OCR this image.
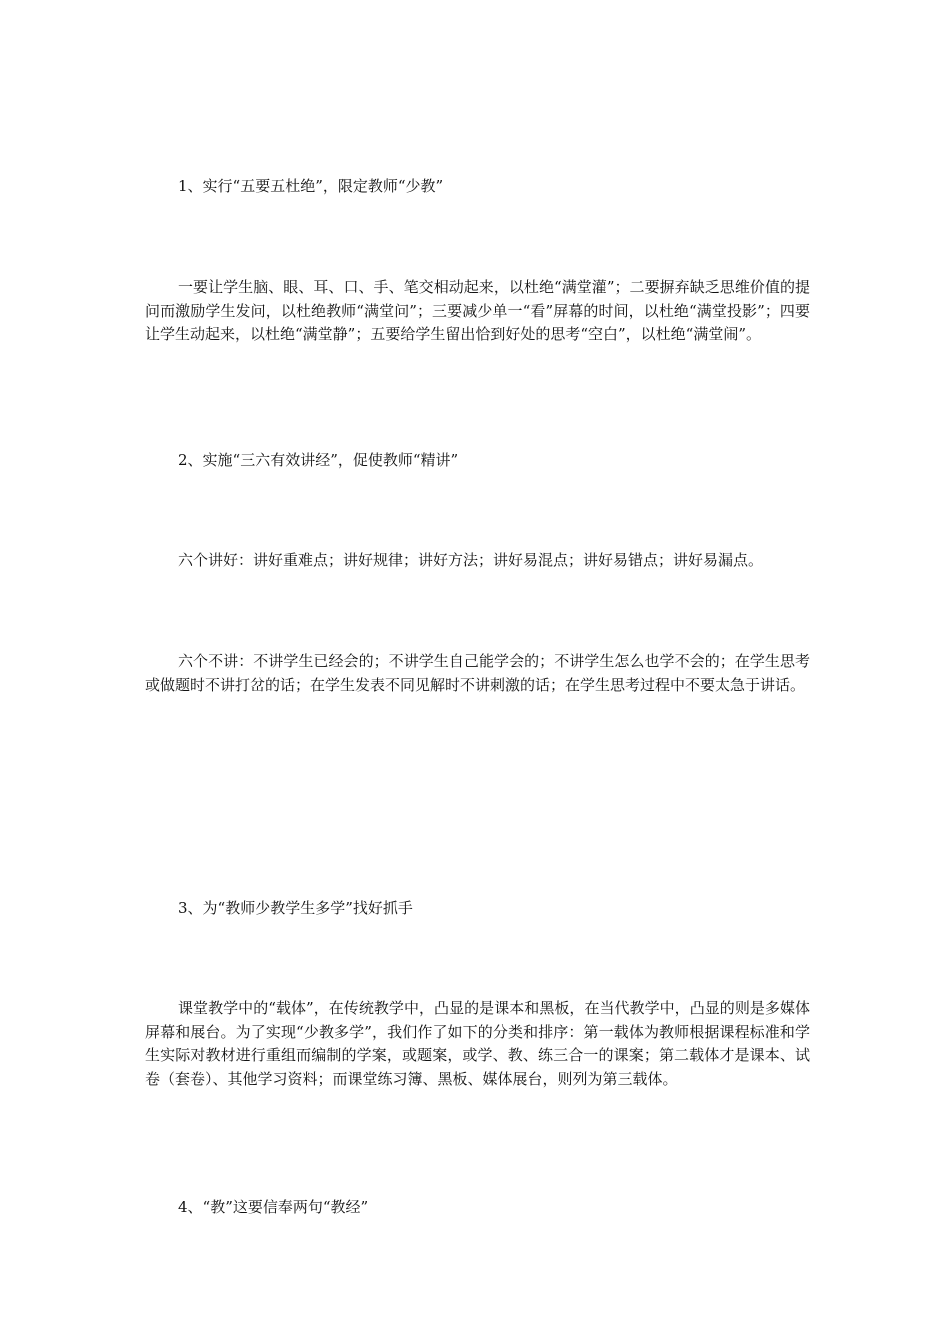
1、实行“五要五杜绝”，限定教师“少教”

一要让学生脑、眼、耳、口、手、笔交相动起来，以杜绝“满堂灌”；二要摒弃缺乏思维价值的提问而激励学生发问，以杜绝教师“满堂问”；三要减少单一“看”屏幕的时间，以杜绝“满堂投影”；四要让学生动起来，以杜绝“满堂静”；五要给学生留出恰到好处的思考“空白”，以杜绝“满堂闹”。

2、实施“三六有效讲经”，促使教师“精讲”

六个讲好：讲好重难点；讲好规律；讲好方法；讲好易混点；讲好易错点；讲好易漏点。

六个不讲：不讲学生已经会的；不讲学生自己能学会的；不讲学生怎么也学不会的；在学生思考或做题时不讲打岔的话；在学生发表不同见解时不讲刺激的话；在学生思考过程中不要太急于讲话。

3、为“教师少教学生多学”找好抓手

课堂教学中的“载体”，在传统教学中，凸显的是课本和黑板，在当代教学中，凸显的则是多媒体屏幕和展台。为了实现“少教多学”，我们作了如下的分类和排序：第一载体为教师根据课程标准和学生实际对教材进行重组而编制的学案，或题案，或学、教、练三合一的课案；第二载体才是课本、试卷（套卷）、其他学习资料；而课堂练习簿、黑板、媒体展台，则列为第三载体。

4、“教”这要信奉两句“教经”
